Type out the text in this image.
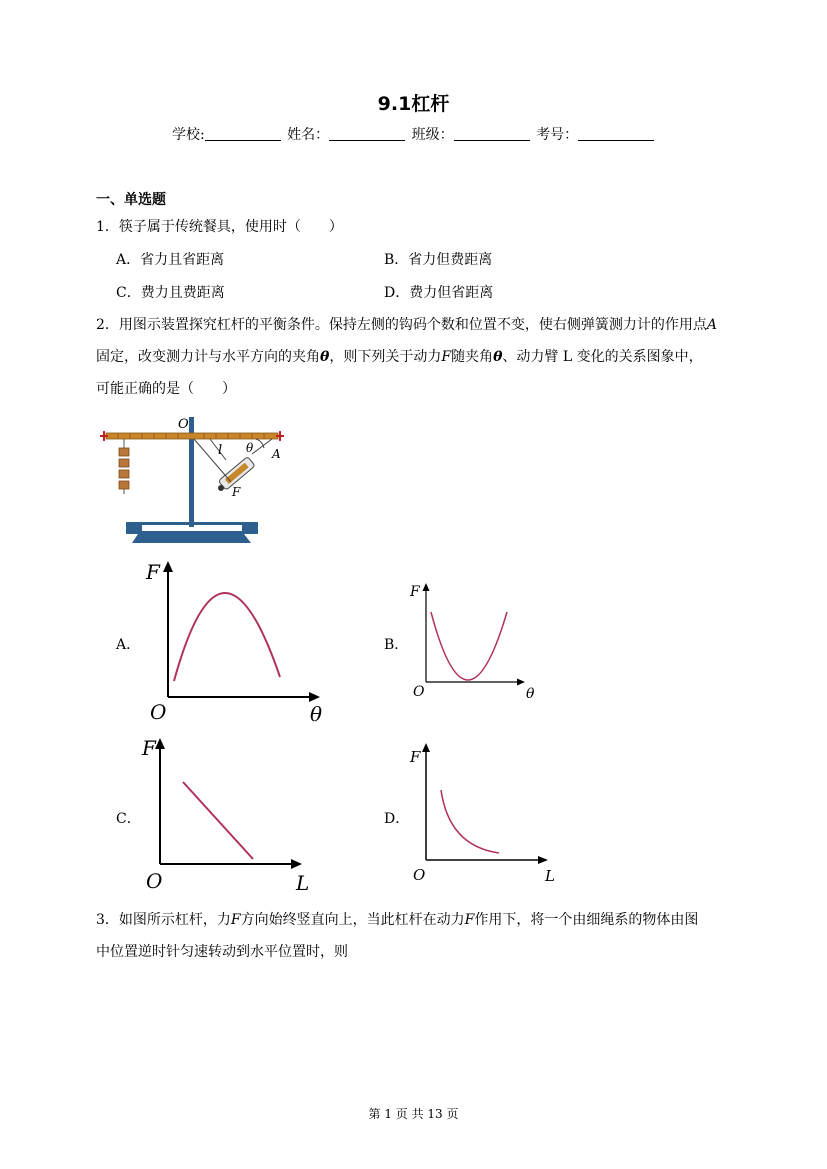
9.1杠杆
学校:	姓名：	班级：	考号：
一、单选题
1．筷子属于传统餐具，使用时（　　）
A．省力且省距离	B．省力但费距离
C．费力且费距离	D．费力但省距离
2．用图示装置探究杠杆的平衡条件。保持左侧的钩码个数和位置不变，使右侧弹簧测力计的作用点A
固定，改变测力计与水平方向的夹角θ，则下列关于动力F随夹角θ、动力臂 L 变化的关系图象中，
可能正确的是（　　）
O
l θ A
F
A．
F
O	θ
B．
F
O	θ
C．
F
O	L
D．
F
O	L
3．如图所示杠杆，力F方向始终竖直向上，当此杠杆在动力F作用下，将一个由细绳系的物体由图
中位置逆时针匀速转动到水平位置时，则
第 1 页 共 13 页
